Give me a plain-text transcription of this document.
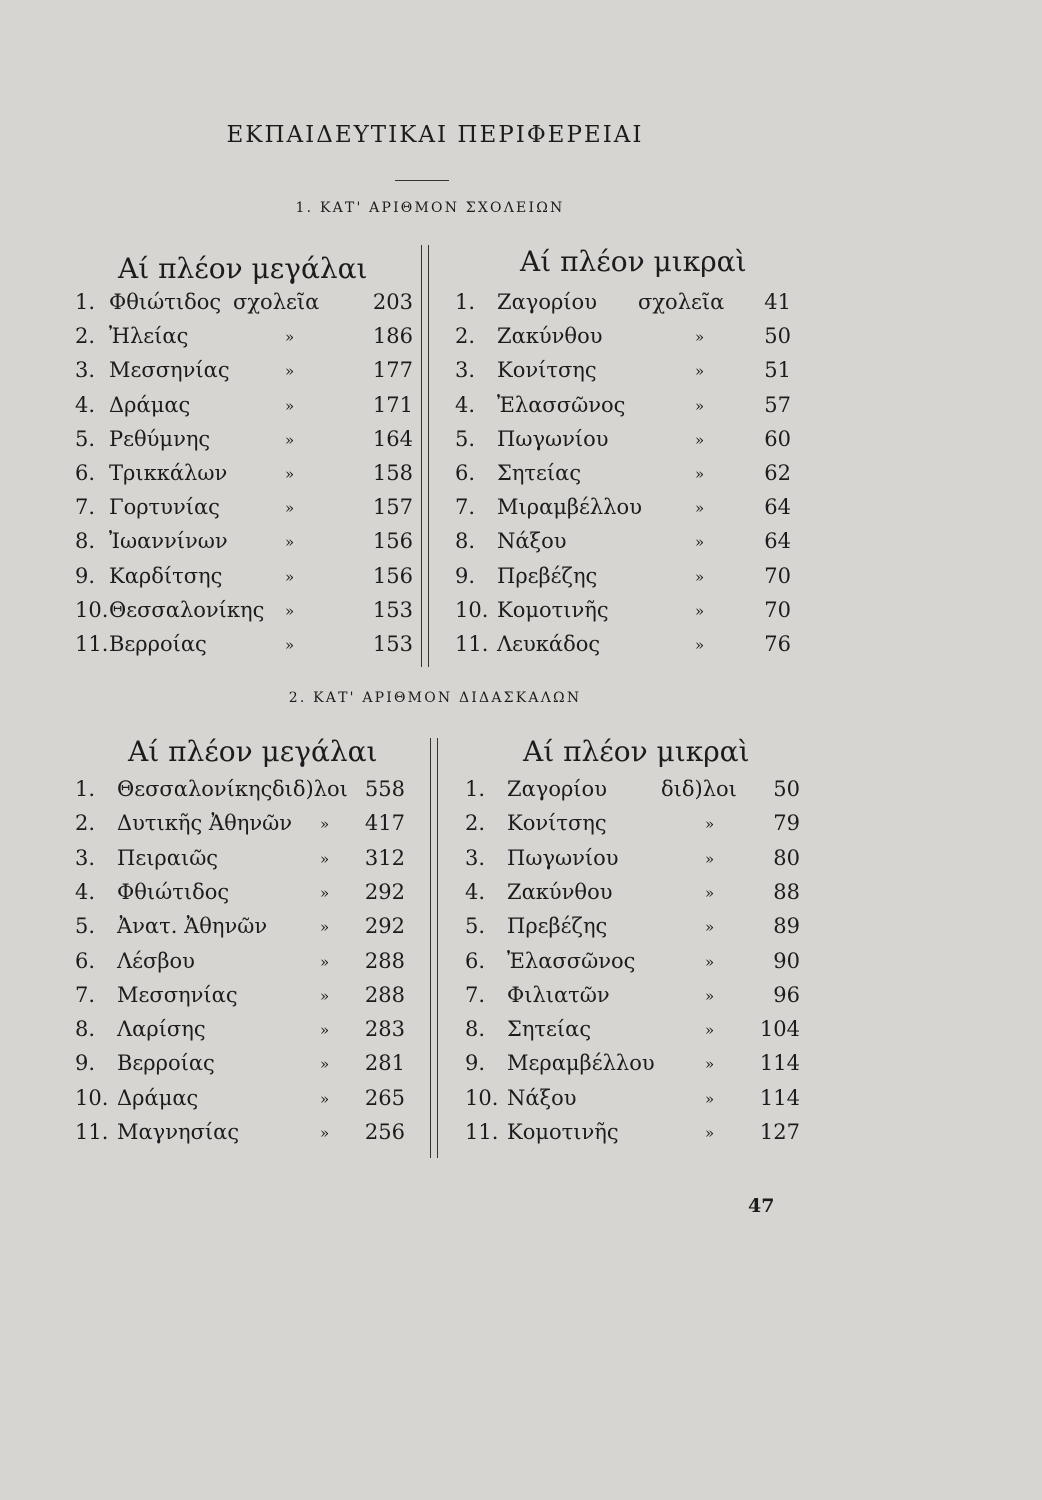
ΕΚΠΑΙΔΕΥΤΙΚΑΙ ΠΕΡΙΦΕΡΕΙΑΙ
1. ΚΑΤ' ΑΡΙΘΜΟΝ ΣΧΟΛΕΙΩΝ
Αί πλέον μεγάλαι	Αί πλέον μικραὶ
1. Φθιώτιδος σχολεῖα	203
2. Ἠλείας	»	186
3. Μεσσηνίας	»	177
4. Δράμας	»	171
5. Ρεθύμνης	»	164
6. Τρικκάλων	»	158
7. Γορτυνίας	»	157
8. Ἰωαννίνων	»	156
9. Καρδίτσης	»	156
10. Θεσσαλονίκης »	153
11. Βερροίας	»	153
1. Ζαγορίου σχολεῖα 41
2. Ζακύνθου	»	50
3. Κονίτσης	»	51
4. Ἐλασσῶνος	»	57
5. Πωγωνίου	»	60
6. Σητείας	»	62
7. Μιραμβέλλου	»	64
8. Νάξου	»	64
9. Πρεβέζης	»	70
10. Κομοτινῆς	»	70
11. Λευκάδος	»	76
2. ΚΑΤ' ΑΡΙΘΜΟΝ ΔΙΔΑΣΚΑΛΩΝ
Αί πλέον μεγάλαι	Αί πλέον μικραὶ
1. Θεσσαλονίκης διδ)λοι 558
2. Δυτικῆς Ἀθηνῶν » 417
3. Πειραιῶς	» 312
4. Φθιώτιδος	» 292
5. Ἀνατ. Ἀθηνῶν	» 292
6. Λέσβου	» 288
7. Μεσσηνίας	» 288
8. Λαρίσης	» 283
9. Βερροίας	» 281
10. Δράμας	» 265
11. Μαγνησίας	» 256
1. Ζαγορίου	διδ)λοι 50
2. Κονίτσης	»	79
3. Πωγωνίου	»	80
4. Ζακύνθου	»	88
5. Πρεβέζης	»	89
6. Ἐλασσῶνος	»	90
7. Φιλιατῶν	»	96
8. Σητείας	» 104
9. Μεραμβέλλου	» 114
10. Νάξου	» 114
11. Κομοτινῆς	» 127
47
